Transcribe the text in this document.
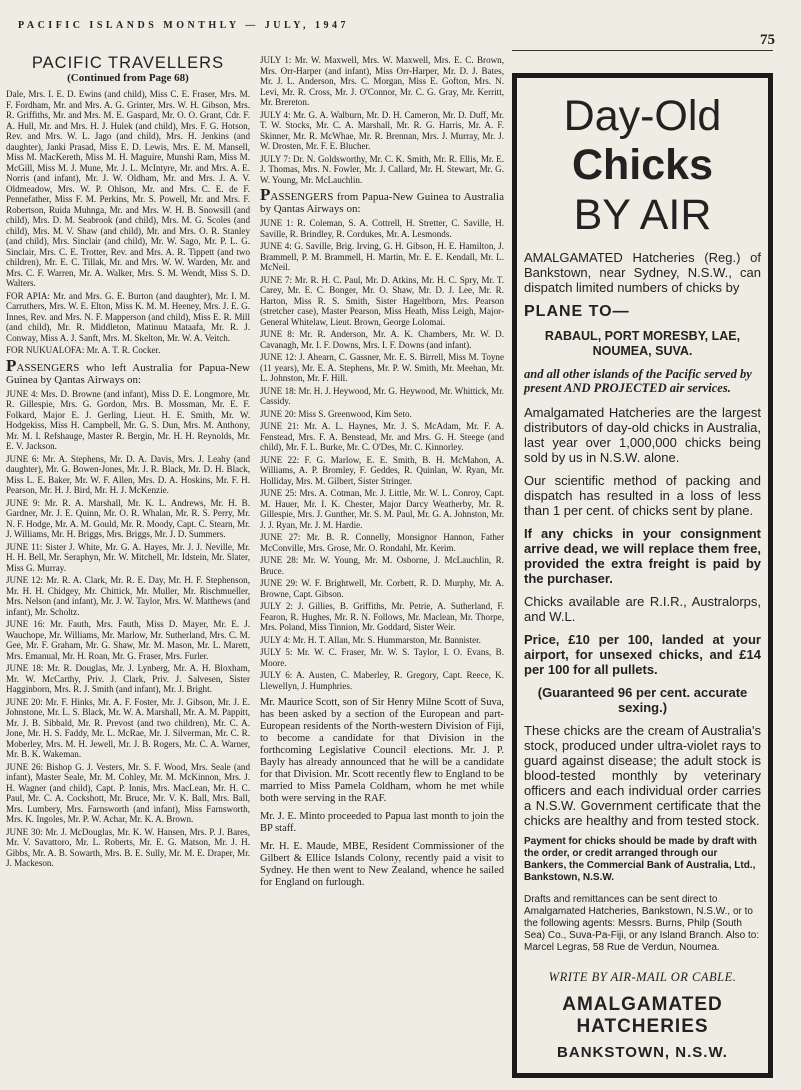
PACIFIC ISLANDS MONTHLY — JULY, 1947
75
PACIFIC TRAVELLERS
(Continued from Page 68)

Dale, Mrs. I. E. D. Ewins (and child), Miss C. E. Fraser, Mrs. M. F. Fordham, Mr. and Mrs. A. G. Grinter, Mrs. W. H. Gibson, Mrs. R. Griffiths, Mr. and Mrs. M. E. Gaspard, Mr. O. O. Grant, Cdr. F. A. Hull, Mr. and Mrs. H. J. Hulek (and child), Mrs. F. G. Hotson, Rev. and Mrs. W. L. Jago (and child), Mrs. H. Jenkins (and daughter), Janki Prasad, Miss E. D. Lewis, Mrs. E. M. Mansell, Miss M. MacKereth, Miss M. H. Maguire, Munshi Ram, Miss M. McGill, Miss M. J. Mune, Mr. J. L. McIntyre, Mr. and Mrs. A. E. Norris (and infant), Mr. J. W. Oldham, Mr. and Mrs. J. A. V. Oldmeadow, Mrs. W. P. Ohlson, Mr. and Mrs. C. E. de F. Pennefather, Miss F. M. Perkins, Mr. S. Powell, Mr. and Mrs. F. Robertson, Ruida Muhnga, Mr. and Mrs. W. H. B. Snowsill (and child), Mrs. D. M. Seabrook (and child), Mrs. M. G. Scoles (and child), Mrs. M. V. Shaw (and child), Mr. and Mrs. O. R. Stanley (and child), Mrs. Sinclair (and child), Mr. W. Sago, Mr. P. L. G. Sinclair, Mrs. C. E. Trotter, Rev. and Mrs. A. R. Tippett (and two children), Mr. E. C. Tillak, Mr. and Mrs. W. W. Warden, Mr. and Mrs. C. F. Warren, Mr. A. Walker, Mrs. S. M. Wendt, Miss S. D. Walters.

FOR APIA: Mr. and Mrs. G. E. Burton (and daughter), Mr. I. M. Carruthers, Mrs. W. E. Elton, Miss K. M. M. Heeney, Mrs. J. E. G. Innes, Rev. and Mrs. N. F. Mapperson (and child), Miss E. R. Mill (and child), Mr. R. Middleton, Matinuu Mataafa, Mr. R. J. Conway, Miss A. J. Sanft, Mrs. M. Skelton, Mr. W. A. Veitch.

FOR NUKUALOFA: Mr. A. T. R. Cocker.

PASSENGERS who left Australia for Papua-New Guinea by Qantas Airways on:

JUNE 4: Mrs. D. Browne (and infant), Miss D. E. Longmore, Mr. R. Gillespie, Mrs. G. Gordon, Mrs. B. Mossman, Mr. E. F. Folkard, Major E. J. Gerling, Lieut. H. E. Smith, Mr. W. Hodgekiss, Miss H. Campbell, Mr. G. S. Dun, Mrs. M. Anthony, Mr. M. I. Refshauge, Master R. Bergin, Mr. H. H. Reynolds, Mr. E. V. Jackson.

JUNE 6: Mr. A. Stephens, Mr. D. A. Davis, Mrs. J. Leahy (and daughter), Mr. G. Bowen-Jones, Mr. J. R. Black, Mr. D. H. Black, Miss L. E. Baker, Mr. W. F. Allen, Mrs. D. A. Hoskins, Mr. F. H. Pearson, Mr. H. J. Bird, Mr. H. J. McKenzie.

JUNE 9: Mr. R. A. Marshall, Mr. K. L. Andrews, Mr. H. B. Gardner, Mr. J. E. Quinn, Mr. O. R. Whalan, Mr. R. S. Perry, Mr. N. F. Hodge, Mr. A. M. Gould, Mr. R. Moody, Capt. C. Stearn, Mr. J. Williams, Mr. H. Briggs, Mrs. Briggs, Mr. J. D. Summers.

JUNE 11: Sister J. White, Mr. G. A. Hayes, Mr. J. J. Neville, Mr. H. H. Bell, Mr. Seraphyn, Mr. W. Mitchell, Mr. Idstein, Mr. Slater, Miss G. Murray.

JUNE 12: Mr. R. A. Clark, Mr. R. E. Day, Mr. H. F. Stephenson, Mr. H. H. Chidgey, Mr. Chittick, Mr. Muller, Mr. Rischmueller, Mrs. Nelson (and infant), Mr. J. W. Taylor, Mrs. W. Matthews (and infant), Mr. Scholtz.

JUNE 16: Mr. Fauth, Mrs. Fauth, Miss D. Mayer, Mr. E. J. Wauchope, Mr. Williams, Mr. Marlow, Mr. Sutherland, Mrs. C. M. Gee, Mr. F. Graham, Mr. G. Shaw, Mr. M. Mason, Mr. L. Marett, Mrs. Emanual, Mr. H. Roan, Mr. G. Fraser, Mrs. Furler.

JUNE 18: Mr. R. Douglas, Mr. J. Lynberg, Mr. A. H. Bloxham, Mr. W. McCarthy, Priv. J. Clark, Priv. J. Salvesen, Sister Hagginborn, Mrs. R. J. Smith (and infant), Mr. J. Bright.

JUNE 20: Mr. F. Hinks, Mr. A. F. Foster, Mr. J. Gibson, Mr. J. E. Johnstone, Mr. L. S. Black, Mr. W. A. Marshall, Mr. A. M. Pappitt, Mr. J. B. Sibbald, Mr. R. Prevost (and two children), Mr. C. A. Jone, Mr. H. S. Faddy, Mr. L. McRae, Mr. J. Silverman, Mr. C. R. Moberley, Mrs. M. H. Jewell, Mr. J. B. Rogers, Mr. C. A. Warner, Mr. B. K. Wakeman.

JUNE 26: Bishop G. J. Vesters, Mr. S. F. Wood, Mrs. Seale (and infant), Master Seale, Mr. M. Cohley, Mr. M. McKinnon, Mrs. J. H. Wagner (and child), Capt. P. Innis, Mrs. MacLean, Mr. H. C. Paul, Mr. C. A. Cockshott, Mr. Bruce, Mr. V. K. Ball, Mrs. Ball, Mrs. Lumbery, Mrs. Farnsworth (and infant), Miss Farnsworth, Mrs. K. Ingoles, Mr. P. W. Achar, Mr. K. A. Brown.

JUNE 30: Mr. J. McDouglas, Mr. K. W. Hansen, Mrs. P. J. Bares, Mr. V. Savattoro, Mr. L. Roberts, Mr. E. G. Matson, Mr. J. H. Gibbs, Mr. A. B. Sowarth, Mrs. B. E. Sully, Mr. M. E. Draper, Mr. J. Mackeson.

JULY 1: Mr. W. Maxwell, Mrs. W. Maxwell, Mrs. E. C. Brown, Mrs. Orr-Harper (and infant), Miss Orr-Harper, Mr. D. J. Bates, Mr. J. L. Anderson, Mrs. C. Morgan, Miss E. Gofton, Mrs. N. Levi, Mr. R. Cross, Mr. J. O'Connor, Mr. C. G. Gray, Mr. Kerritt, Mr. Brereton.

JULY 4: Mr. G. A. Walburn, Mr. D. H. Cameron, Mr. D. Duff, Mr. T. W. Stocks, Mr. C. A. Marshall, Mr. R. G. Harris, Mr. A. F. Skinner, Mr. R. McWhae, Mr. R. Brennan, Mrs. J. Murray, Mr. J. W. Drosten, Mr. F. E. Blucher.

JULY 7: Dr. N. Goldsworthy, Mr. C. K. Smith, Mr. R. Ellis, Mr. E. J. Thomas, Mrs. N. Fowler, Mr. J. Callard, Mr. H. Stewart, Mr. G. W. Young, Mr. McLauchlin.

PASSENGERS from Papua-New Guinea to Australia by Qantas Airways on:

JUNE 1: R. Coleman, S. A. Cottrell, H. Stretter, C. Saville, H. Saville, R. Brindley, R. Cordukes, Mr. A. Lesmonds.

JUNE 4: G. Saville, Brig. Irving, G. H. Gibson, H. E. Hamilton, J. Brammell, P. M. Brammell, H. Martin, Mr. E. E. Kendall, Mr. L. McNeil.

JUNE 7: Mr. R. H. C. Paul, Mr. D. Atkins, Mr. H. C. Spry, Mr. T. Carey, Mr. E. C. Bonger, Mr. O. Shaw, Mr. D. J. Lee, Mr. R. Harton, Miss R. S. Smith, Sister Hageltborn, Mrs. Pearson (stretcher case), Master Pearson, Miss Heath, Miss Leigh, Major-General Whitelaw, Lieut. Brown, George Lolomai.

JUNE 8: Mr. R. Anderson, Mr. A. K. Chambers, Mr. W. D. Cavanagh, Mr. I. F. Downs, Mrs. I. F. Downs (and infant).

JUNE 12: J. Ahearn, C. Gassner, Mr. E. S. Birrell, Miss M. Toyne (11 years), Mr. E. A. Stephens, Mr. P. W. Smith, Mr. Meehan, Mr. L. Johnston, Mr. F. Hill.

JUNE 18: Mr. H. J. Heywood, Mr. G. Heywood, Mr. Whittick, Mr. Cassidy.

JUNE 20: Miss S. Greenwood, Kim Seto.

JUNE 21: Mr. A. L. Haynes, Mr. J. S. McAdam, Mr. F. A. Fenstead, Mrs. F. A. Benstead, Mr. and Mrs. G. H. Steege (and child), Mr. F. L. Burke, Mr. C. O'Des, Mr. C. Kinnorley.

JUNE 22: F. G. Marlow, E. E. Smith, B. H. McMahon, A. Williams, A. P. Bromley, F. Geddes, R. Quinlan, W. Ryan, Mr. Holliday, Mrs. M. Gilbert, Sister Stringer.

JUNE 25: Mrs. A. Cotman, Mr. J. Little, Mr. W. L. Conroy, Capt. M. Hauer, Mr. I. K. Chester, Major Darcy Weatherby, Mr. R. Gillespie, Mrs. J. Gunther, Mr. S. M. Paul, Mr. G. A. Johnston, Mr. J. J. Ryan, Mr. J. M. Hardie.

JUNE 27: Mr. B. R. Connelly, Monsignor Hannon, Father McConville, Mrs. Grose, Mr. O. Rondahl, Mr. Kerim.

JUNE 28: Mr. W. Young, Mr. M. Osborne, J. McLauchlin, R. Bruce.

JUNE 29: W. F. Brightwell, Mr. Corbett, R. D. Murphy, Mr. A. Browne, Capt. Gibson.

JULY 2: J. Gillies, B. Griffiths, Mr. Petrie, A. Sutherland, F. Fearon, R. Hughes, Mr. R. N. Follows, Mr. Maclean, Mr. Thorpe, Mrs. Poland, Miss Tinnion, Mr. Goddard, Sister Weir.

JULY 4: Mr. H. T. Allan, Mr. S. Hummarston, Mr. Bannister.

JULY 5: Mr. W. C. Fraser, Mr. W. S. Taylor, I. O. Evans, B. Moore.

JULY 6: A. Austen, C. Maberley, R. Gregory, Capt. Reece, K. Llewellyn, J. Humphries.

Mr. Maurice Scott, son of Sir Henry Milne Scott of Suva, has been asked by a section of the European and part-European residents of the North-western Division of Fiji, to become a candidate for that Division in the forthcoming Legislative Council elections. Mr. J. P. Bayly has already announced that he will be a candidate for that Division. Mr. Scott recently flew to England to be married to Miss Pamela Coldham, whom he met while both were serving in the RAF.

Mr. J. E. Minto proceeded to Papua last month to join the BP staff.

Mr. H. E. Maude, MBE, Resident Commissioner of the Gilbert & Ellice Islands Colony, recently paid a visit to Sydney. He then went to New Zealand, whence he sailed for England on furlough.

Day-Old
Chicks
BY AIR
AMALGAMATED Hatcheries (Reg.) of Bankstown, near Sydney, N.S.W., can dispatch limited numbers of chicks by
PLANE TO—
RABAUL, PORT MORESBY, LAE, NOUMEA, SUVA.
and all other islands of the Pacific served by present AND PROJECTED air services.
Amalgamated Hatcheries are the largest distributors of day-old chicks in Australia, last year over 1,000,000 chicks being sold by us in N.S.W. alone.
Our scientific method of packing and dispatch has resulted in a loss of less than 1 per cent. of chicks sent by plane.
If any chicks in your consignment arrive dead, we will replace them free, provided the extra freight is paid by the purchaser.
Chicks available are R.I.R., Australorps, and W.L.
Price, £10 per 100, landed at your airport, for unsexed chicks, and £14 per 100 for all pullets.
(Guaranteed 96 per cent. accurate sexing.)
These chicks are the cream of Australia's stock, produced under ultra-violet rays to guard against disease; the adult stock is blood-tested monthly by veterinary officers and each individual order carries a N.S.W. Government certificate that the chicks are healthy and from tested stock.
Payment for chicks should be made by draft with the order, or credit arranged through our Bankers, the Commercial Bank of Australia, Ltd., Bankstown, N.S.W.
Drafts and remittances can be sent direct to Amalgamated Hatcheries, Bankstown, N.S.W., or to the following agents: Messrs. Burns, Philp (South Sea) Co., Suva-Pa-Fiji, or any Island Branch. Also to: Marcel Legras, 58 Rue de Verdun, Noumea.
WRITE BY AIR-MAIL OR CABLE.
AMALGAMATED
HATCHERIES
BANKSTOWN, N.S.W.
